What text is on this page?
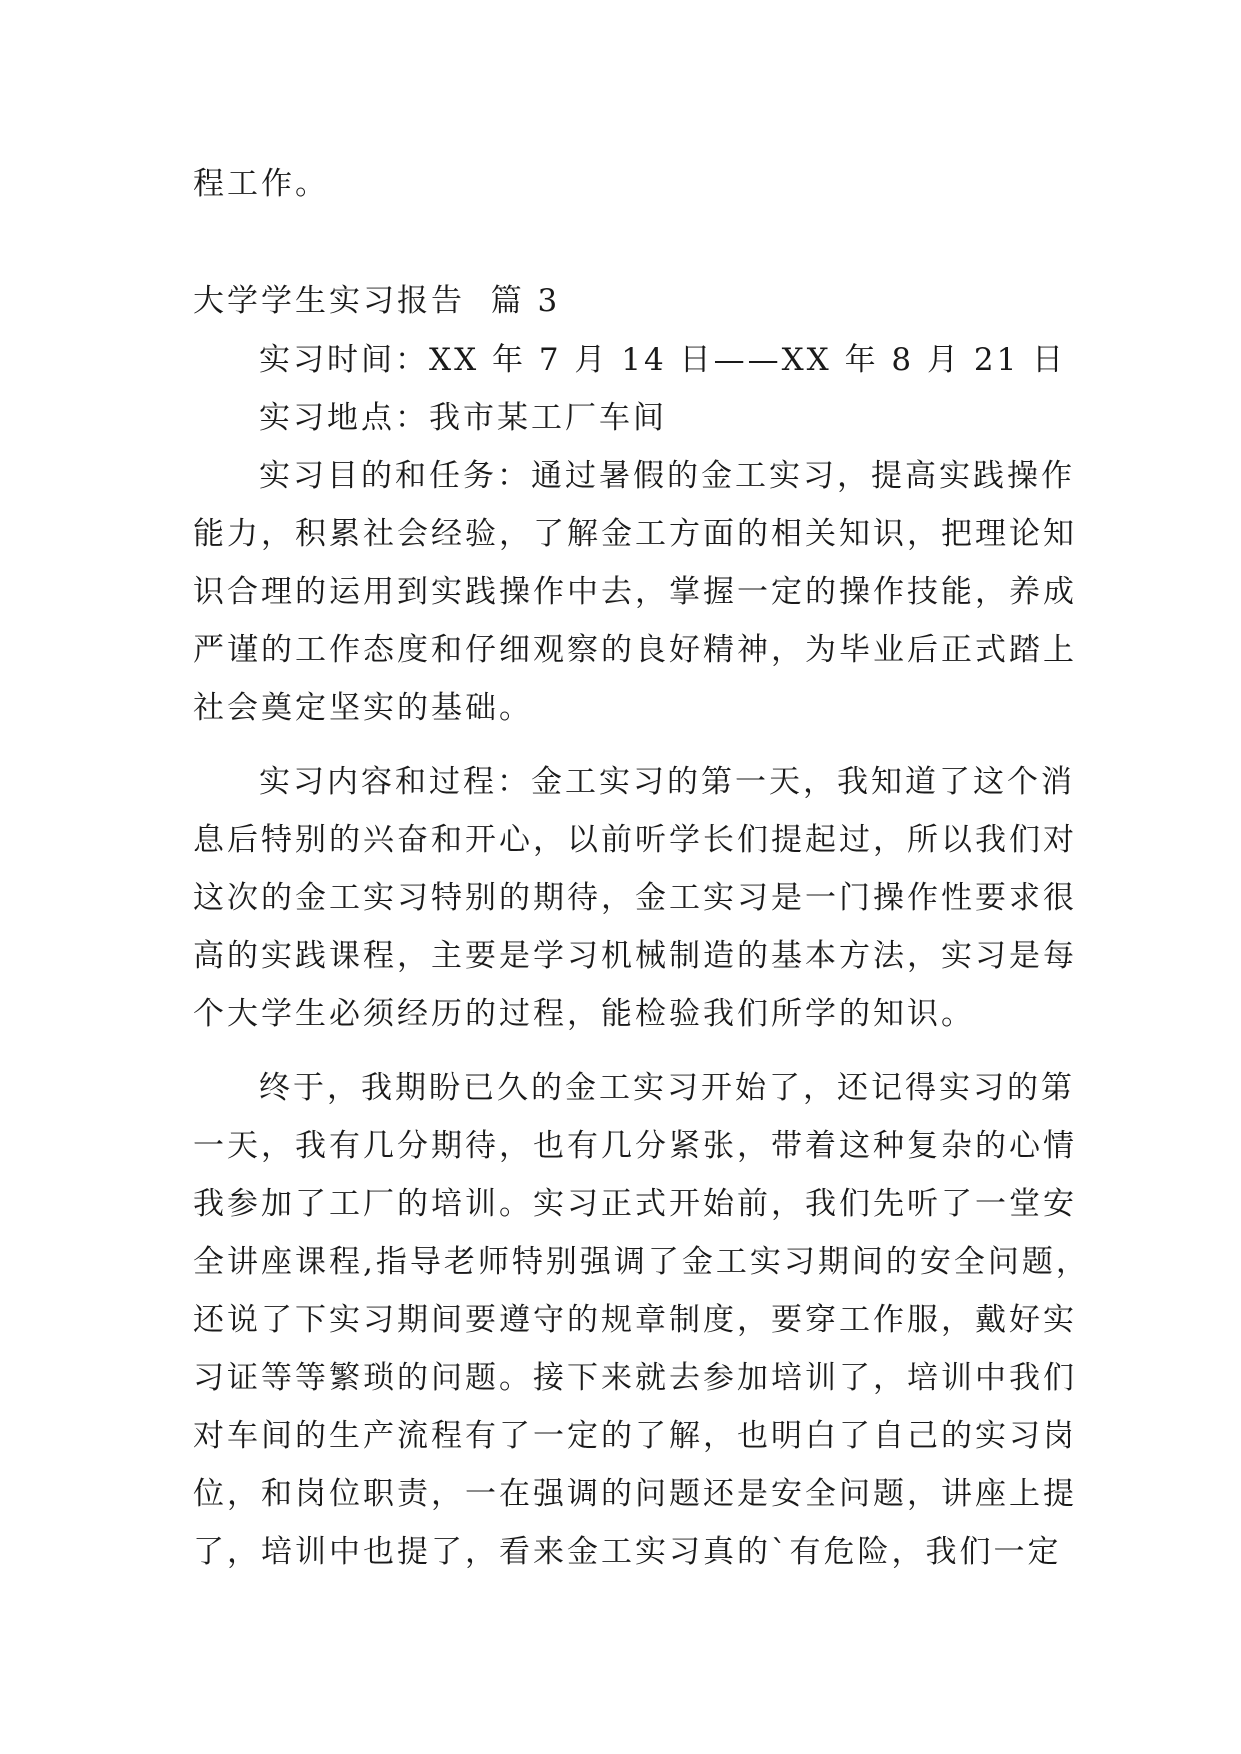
程工作。
大学学生实习报告  篇 3
实习时间：XX 年 7 月 14 日——XX 年 8 月 21 日
实习地点：我市某工厂车间
实习目的和任务：通过暑假的金工实习，提高实践操作
能力，积累社会经验，了解金工方面的相关知识，把理论知
识合理的运用到实践操作中去，掌握一定的操作技能，养成
严谨的工作态度和仔细观察的良好精神，为毕业后正式踏上
社会奠定坚实的基础。
实习内容和过程：金工实习的第一天，我知道了这个消
息后特别的兴奋和开心，以前听学长们提起过，所以我们对
这次的金工实习特别的期待，金工实习是一门操作性要求很
高的实践课程，主要是学习机械制造的基本方法，实习是每
个大学生必须经历的过程，能检验我们所学的知识。
终于，我期盼已久的金工实习开始了，还记得实习的第
一天，我有几分期待，也有几分紧张，带着这种复杂的心情
我参加了工厂的培训。实习正式开始前，我们先听了一堂安
全讲座课程,指导老师特别强调了金工实习期间的安全问题，
还说了下实习期间要遵守的规章制度，要穿工作服，戴好实
习证等等繁琐的问题。接下来就去参加培训了，培训中我们
对车间的生产流程有了一定的了解，也明白了自己的实习岗
位，和岗位职责，一在强调的问题还是安全问题，讲座上提
了，培训中也提了，看来金工实习真的`有危险，我们一定
